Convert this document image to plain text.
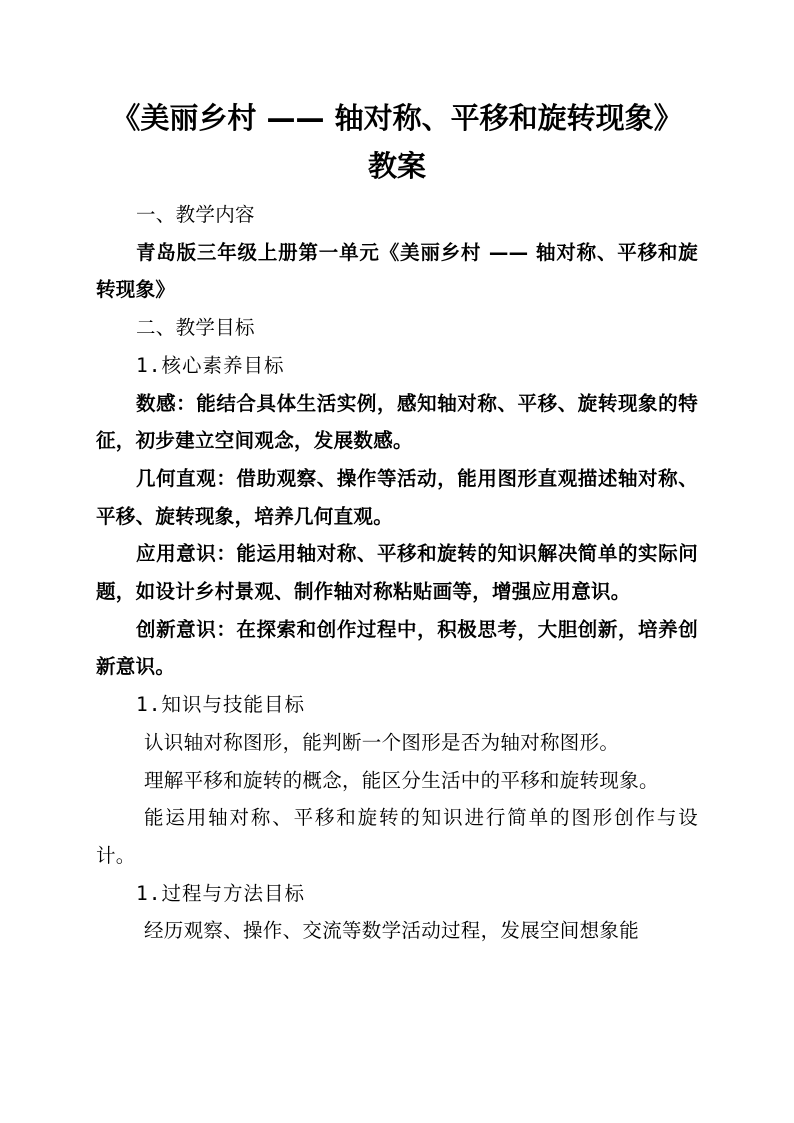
《美丽乡村 —— 轴对称、平移和旋转现象》
教案

一、教学内容

青岛版三年级上册第一单元《美丽乡村 —— 轴对称、平移和旋转现象》

二、教学目标

1.核心素养目标

数感：能结合具体生活实例，感知轴对称、平移、旋转现象的特征，初步建立空间观念，发展数感。

几何直观：借助观察、操作等活动，能用图形直观描述轴对称、平移、旋转现象，培养几何直观。

应用意识：能运用轴对称、平移和旋转的知识解决简单的实际问题，如设计乡村景观、制作轴对称粘贴画等，增强应用意识。

创新意识：在探索和创作过程中，积极思考，大胆创新，培养创新意识。

1.知识与技能目标

认识轴对称图形，能判断一个图形是否为轴对称图形。

理解平移和旋转的概念，能区分生活中的平移和旋转现象。

能运用轴对称、平移和旋转的知识进行简单的图形创作与设计。

1.过程与方法目标

经历观察、操作、交流等数学活动过程，发展空间想象能
